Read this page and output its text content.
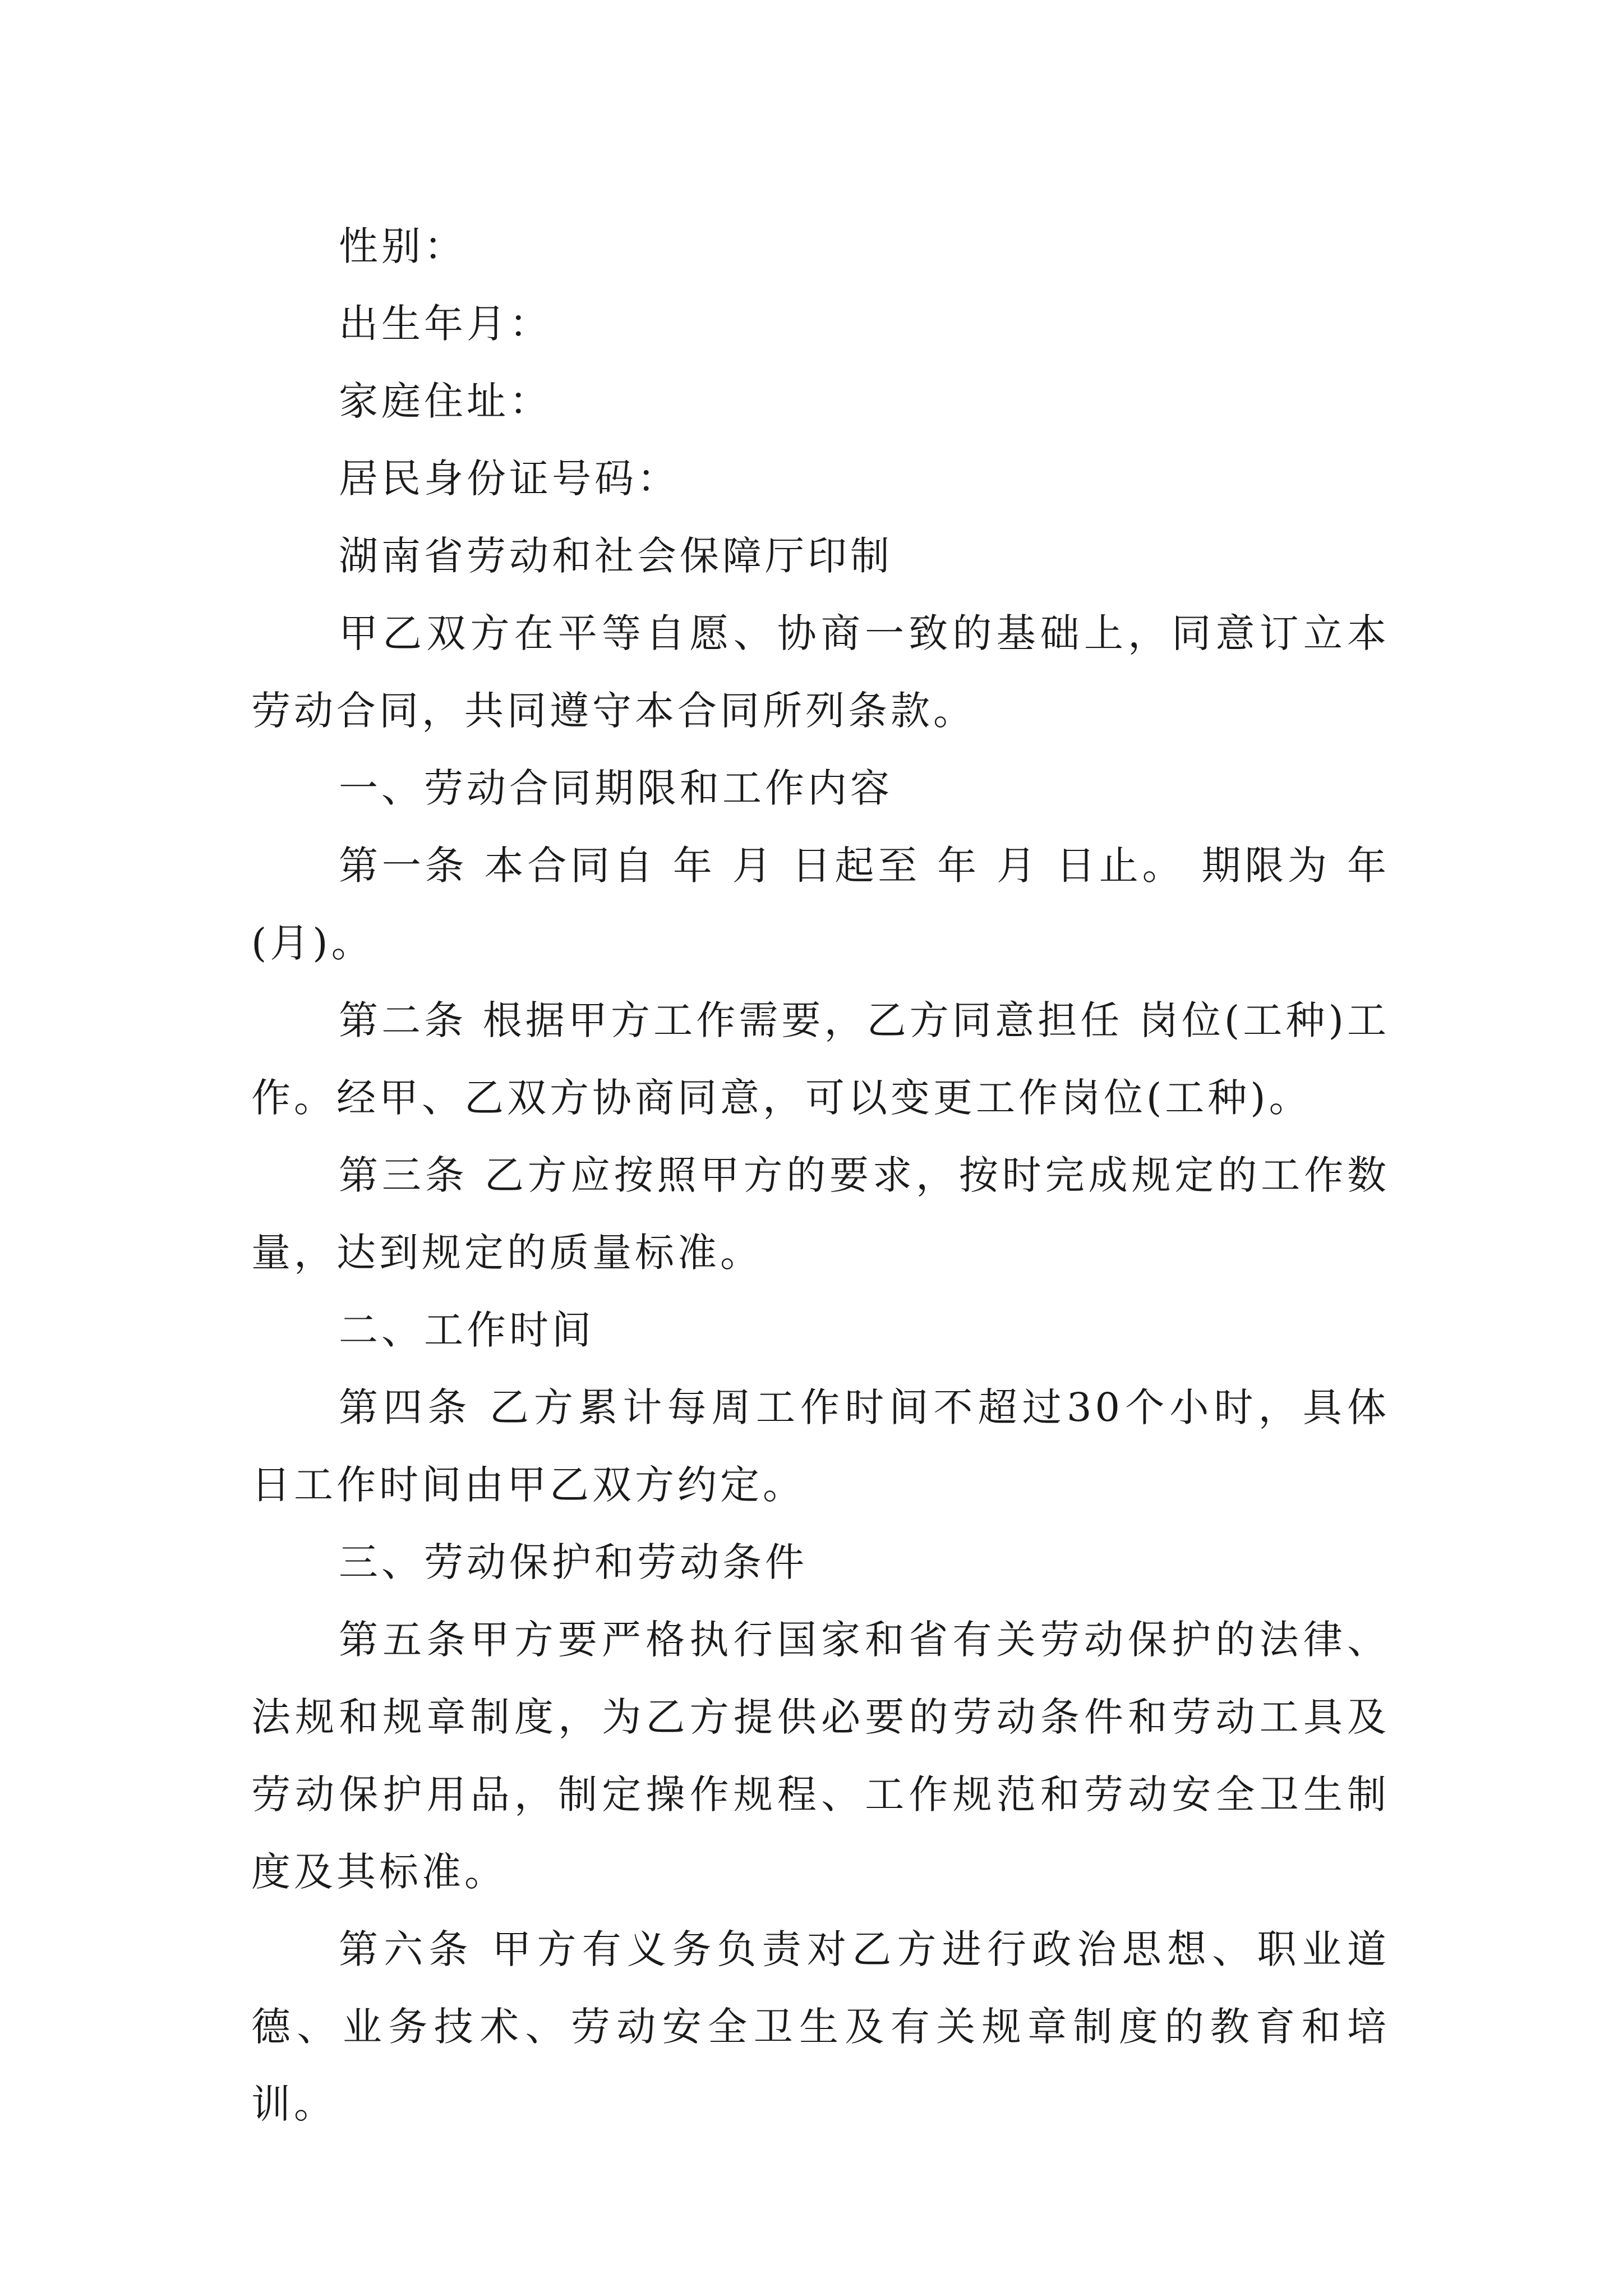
性别：

出生年月：

家庭住址：

居民身份证号码：

湖南省劳动和社会保障厅印制

甲乙双方在平等自愿、协商一致的基础上，同意订立本劳动合同，共同遵守本合同所列条款。

一、劳动合同期限和工作内容

第一条 本合同自 年 月 日起至 年 月 日止。 期限为 年(月)。

第二条 根据甲方工作需要，乙方同意担任 岗位(工种)工作。经甲、乙双方协商同意，可以变更工作岗位(工种)。

第三条 乙方应按照甲方的要求，按时完成规定的工作数量，达到规定的质量标准。

二、工作时间

第四条 乙方累计每周工作时间不超过30个小时，具体日工作时间由甲乙双方约定。

三、劳动保护和劳动条件

第五条甲方要严格执行国家和省有关劳动保护的法律、法规和规章制度，为乙方提供必要的劳动条件和劳动工具及劳动保护用品，制定操作规程、工作规范和劳动安全卫生制度及其标准。

第六条 甲方有义务负责对乙方进行政治思想、职业道德、业务技术、劳动安全卫生及有关规章制度的教育和培训。
